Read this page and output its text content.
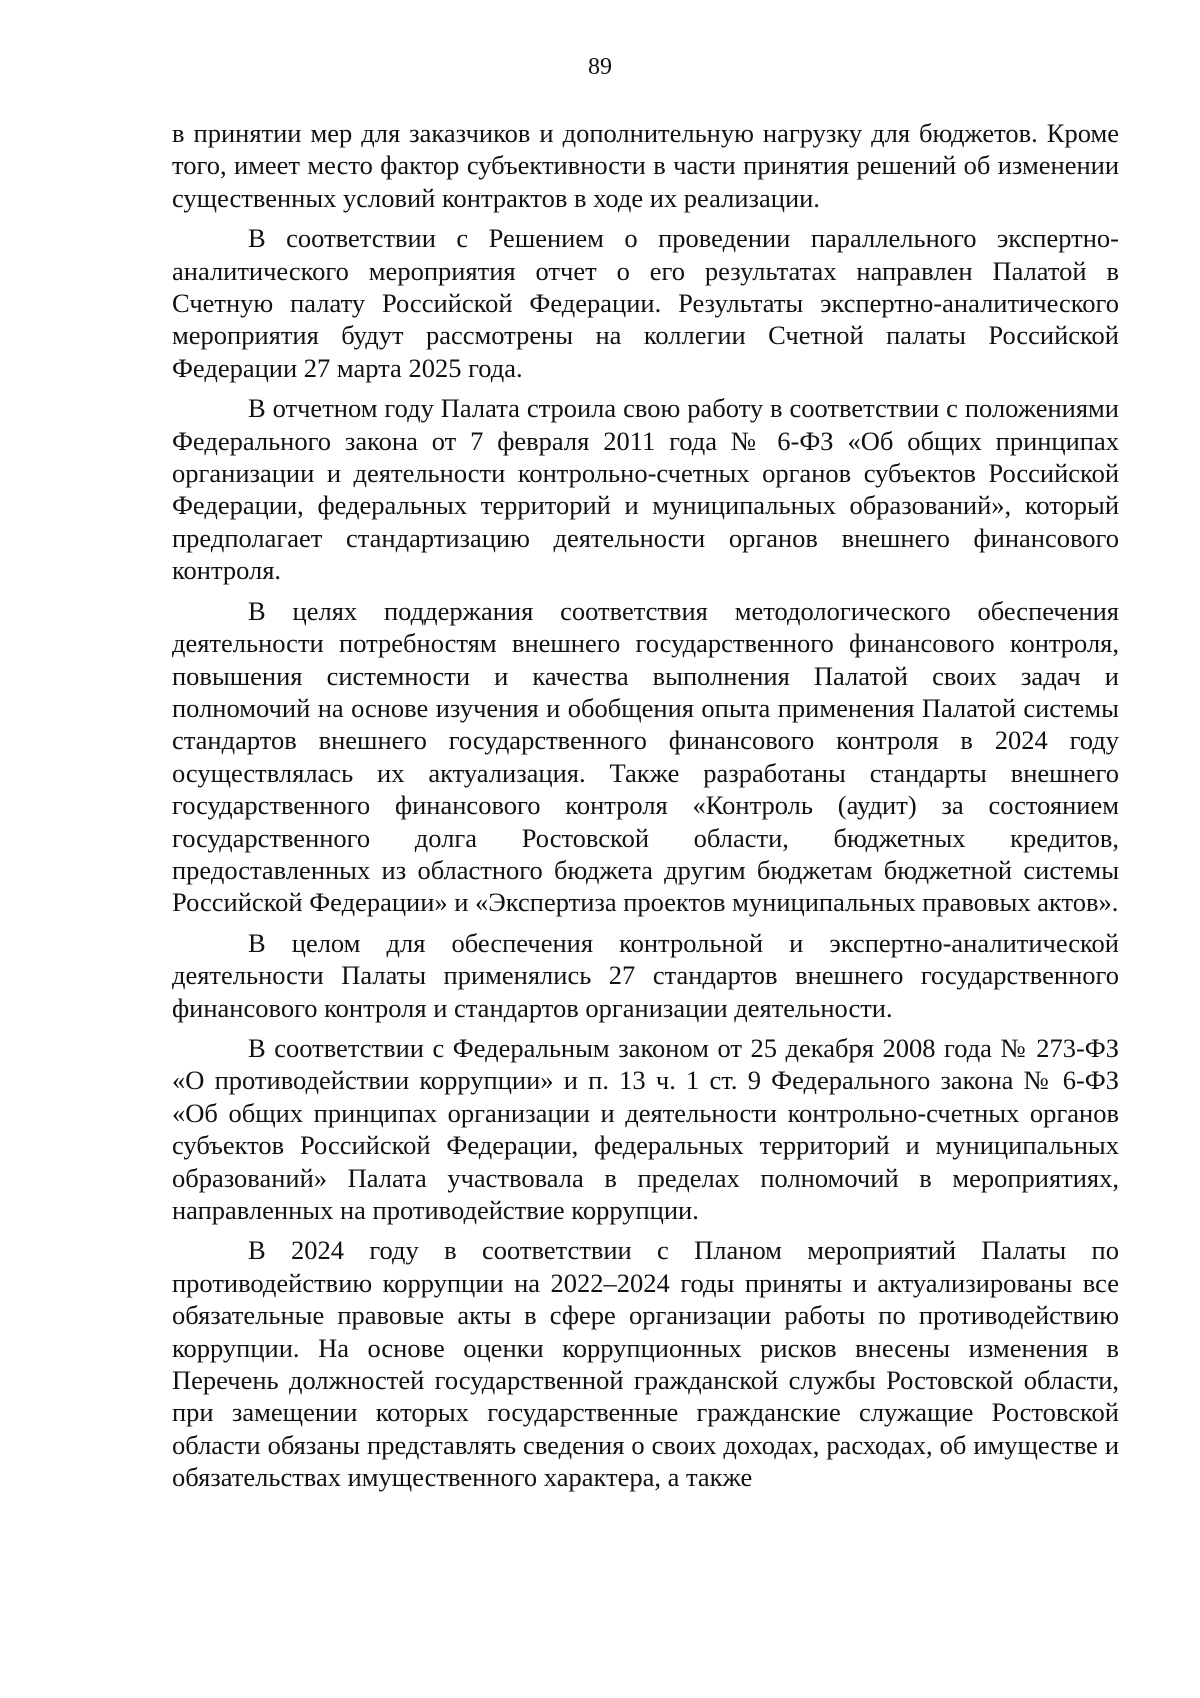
89

в принятии мер для заказчиков и дополнительную нагрузку для бюджетов. Кроме того, имеет место фактор субъективности в части принятия решений об изменении существенных условий контрактов в ходе их реализации.

В соответствии с Решением о проведении параллельного экспертно-аналитического мероприятия отчет о его результатах направлен Палатой в Счетную палату Российской Федерации. Результаты экспертно-аналитического мероприятия будут рассмотрены на коллегии Счетной палаты Российской Федерации 27 марта 2025 года.

В отчетном году Палата строила свою работу в соответствии с положениями Федерального закона от 7 февраля 2011 года № 6-ФЗ «Об общих принципах организации и деятельности контрольно-счетных органов субъектов Российской Федерации, федеральных территорий и муниципальных образований», который предполагает стандартизацию деятельности органов внешнего финансового контроля.

В целях поддержания соответствия методологического обеспечения деятельности потребностям внешнего государственного финансового контроля, повышения системности и качества выполнения Палатой своих задач и полномочий на основе изучения и обобщения опыта применения Палатой системы стандартов внешнего государственного финансового контроля в 2024 году осуществлялась их актуализация. Также разработаны стандарты внешнего государственного финансового контроля «Контроль (аудит) за состоянием государственного долга Ростовской области, бюджетных кредитов, предоставленных из областного бюджета другим бюджетам бюджетной системы Российской Федерации» и «Экспертиза проектов муниципальных правовых актов».

В целом для обеспечения контрольной и экспертно-аналитической деятельности Палаты применялись 27 стандартов внешнего государственного финансового контроля и стандартов организации деятельности.

В соответствии с Федеральным законом от 25 декабря 2008 года № 273-ФЗ «О противодействии коррупции» и п. 13 ч. 1 ст. 9 Федерального закона № 6-ФЗ «Об общих принципах организации и деятельности контрольно-счетных органов субъектов Российской Федерации, федеральных территорий и муниципальных образований» Палата участвовала в пределах полномочий в мероприятиях, направленных на противодействие коррупции.

В 2024 году в соответствии с Планом мероприятий Палаты по противодействию коррупции на 2022–2024 годы приняты и актуализированы все обязательные правовые акты в сфере организации работы по противодействию коррупции. На основе оценки коррупционных рисков внесены изменения в Перечень должностей государственной гражданской службы Ростовской области, при замещении которых государственные гражданские служащие Ростовской области обязаны представлять сведения о своих доходах, расходах, об имуществе и обязательствах имущественного характера, а также
